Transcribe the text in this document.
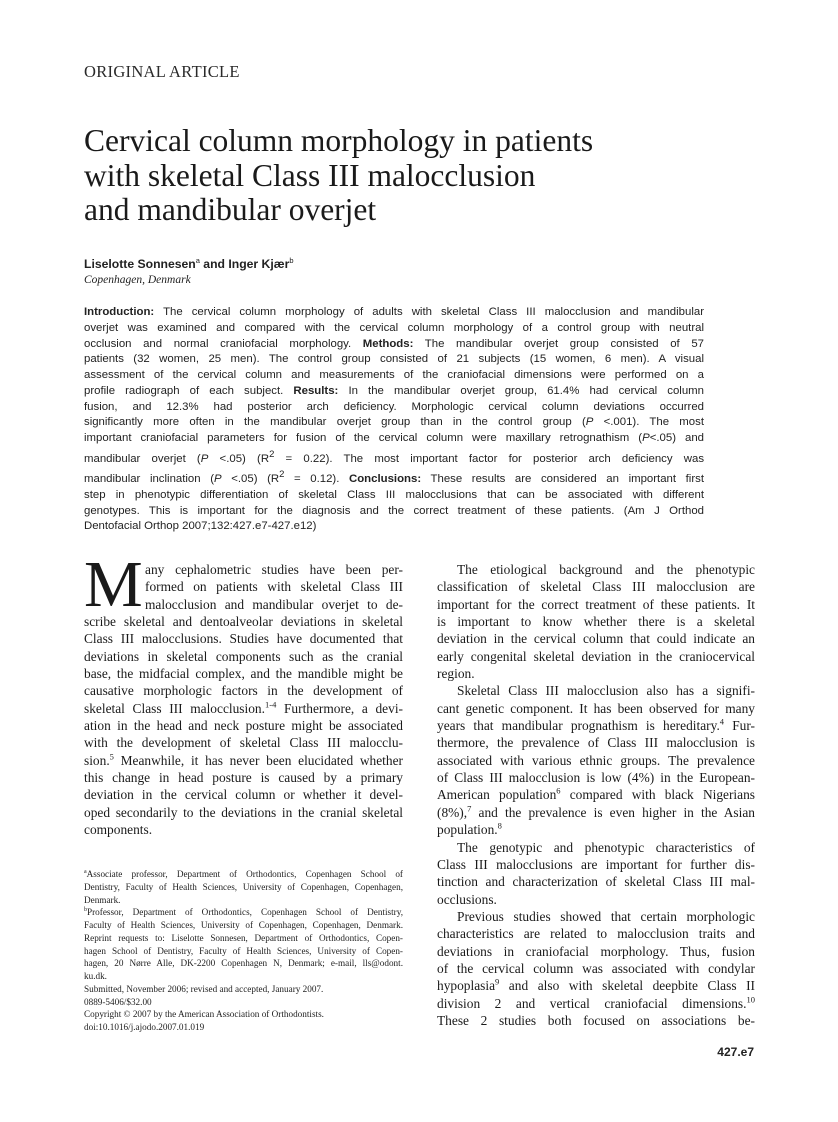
ORIGINAL ARTICLE
Cervical column morphology in patients
with skeletal Class III malocclusion
and mandibular overjet
Liselotte Sonnesen$^a$ and Inger Kjær$^b$
Copenhagen, Denmark
Introduction: The cervical column morphology of adults with skeletal Class III malocclusion and mandibular
overjet was examined and compared with the cervical column morphology of a control group with neutral
occlusion and normal craniofacial morphology. Methods: The mandibular overjet group consisted of 57
patients (32 women, 25 men). The control group consisted of 21 subjects (15 women, 6 men). A visual
assessment of the cervical column and measurements of the craniofacial dimensions were performed on a
profile radiograph of each subject. Results: In the mandibular overjet group, 61.4% had cervical column
fusion, and 12.3% had posterior arch deficiency. Morphologic cervical column deviations occurred
significantly more often in the mandibular overjet group than in the control group (P <.001). The most
important craniofacial parameters for fusion of the cervical column were maxillary retrognathism (P<.05) and
mandibular overjet (P <.05) $(R^2 = 0.22)$. The most important factor for posterior arch deficiency was
mandibular inclination (P <.05) $(R^2 = 0.12)$. Conclusions: These results are considered an important first
step in phenotypic differentiation of skeletal Class III malocclusions that can be associated with different
genotypes. This is important for the diagnosis and the correct treatment of these patients. (Am J Orthod
Dentofacial Orthop 2007;132:427.e7-427.e12)
M any cephalometric studies have been per-
formed on patients with skeletal Class III
malocclusion and mandibular overjet to de-
scribe skeletal and dentoalveolar deviations in skeletal
Class III malocclusions. Studies have documented that
deviations in skeletal components such as the cranial
base, the midfacial complex, and the mandible might be
causative morphologic factors in the development of
skeletal Class III malocclusion.$^{1-4}$ Furthermore, a devi-
ation in the head and neck posture might be associated
with the development of skeletal Class III malocclu-
sion.$^5$ Meanwhile, it has never been elucidated whether
this change in head posture is caused by a primary
deviation in the cervical column or whether it devel-
oped secondarily to the deviations in the cranial skeletal
components.
The etiological background and the phenotypic
classification of skeletal Class III malocclusion are
important for the correct treatment of these patients. It
is important to know whether there is a skeletal
deviation in the cervical column that could indicate an
early congenital skeletal deviation in the craniocervical
region.
Skeletal Class III malocclusion also has a signifi-
cant genetic component. It has been observed for many
years that mandibular prognathism is hereditary.$^4$ Fur-
thermore, the prevalence of Class III malocclusion is
associated with various ethnic groups. The prevalence
of Class III malocclusion is low (4%) in the European-
American population$^6$ compared with black Nigerians
(8%),$^7$ and the prevalence is even higher in the Asian
population.$^8$
The genotypic and phenotypic characteristics of
Class III malocclusions are important for further dis-
tinction and characterization of skeletal Class III mal-
occlusions.
Previous studies showed that certain morphologic
characteristics are related to malocclusion traits and
deviations in craniofacial morphology. Thus, fusion
of the cervical column was associated with condylar
hypoplasia$^9$ and also with skeletal deepbite Class II
division 2 and vertical craniofacial dimensions.$^{10}$
These 2 studies both focused on associations be-
$^a$Associate professor, Department of Orthodontics, Copenhagen School of
Dentistry, Faculty of Health Sciences, University of Copenhagen, Copenhagen,
Denmark.
$^b$Professor, Department of Orthodontics, Copenhagen School of Dentistry,
Faculty of Health Sciences, University of Copenhagen, Copenhagen, Denmark.
Reprint requests to: Liselotte Sonnesen, Department of Orthodontics, Copen-
hagen School of Dentistry, Faculty of Health Sciences, University of Copen-
hagen, 20 Nørre Alle, DK-2200 Copenhagen N, Denmark; e-mail, lls@odont.
ku.dk.
Submitted, November 2006; revised and accepted, January 2007.
0889-5406/$32.00
Copyright © 2007 by the American Association of Orthodontists.
doi:10.1016/j.ajodo.2007.01.019
427.e7
